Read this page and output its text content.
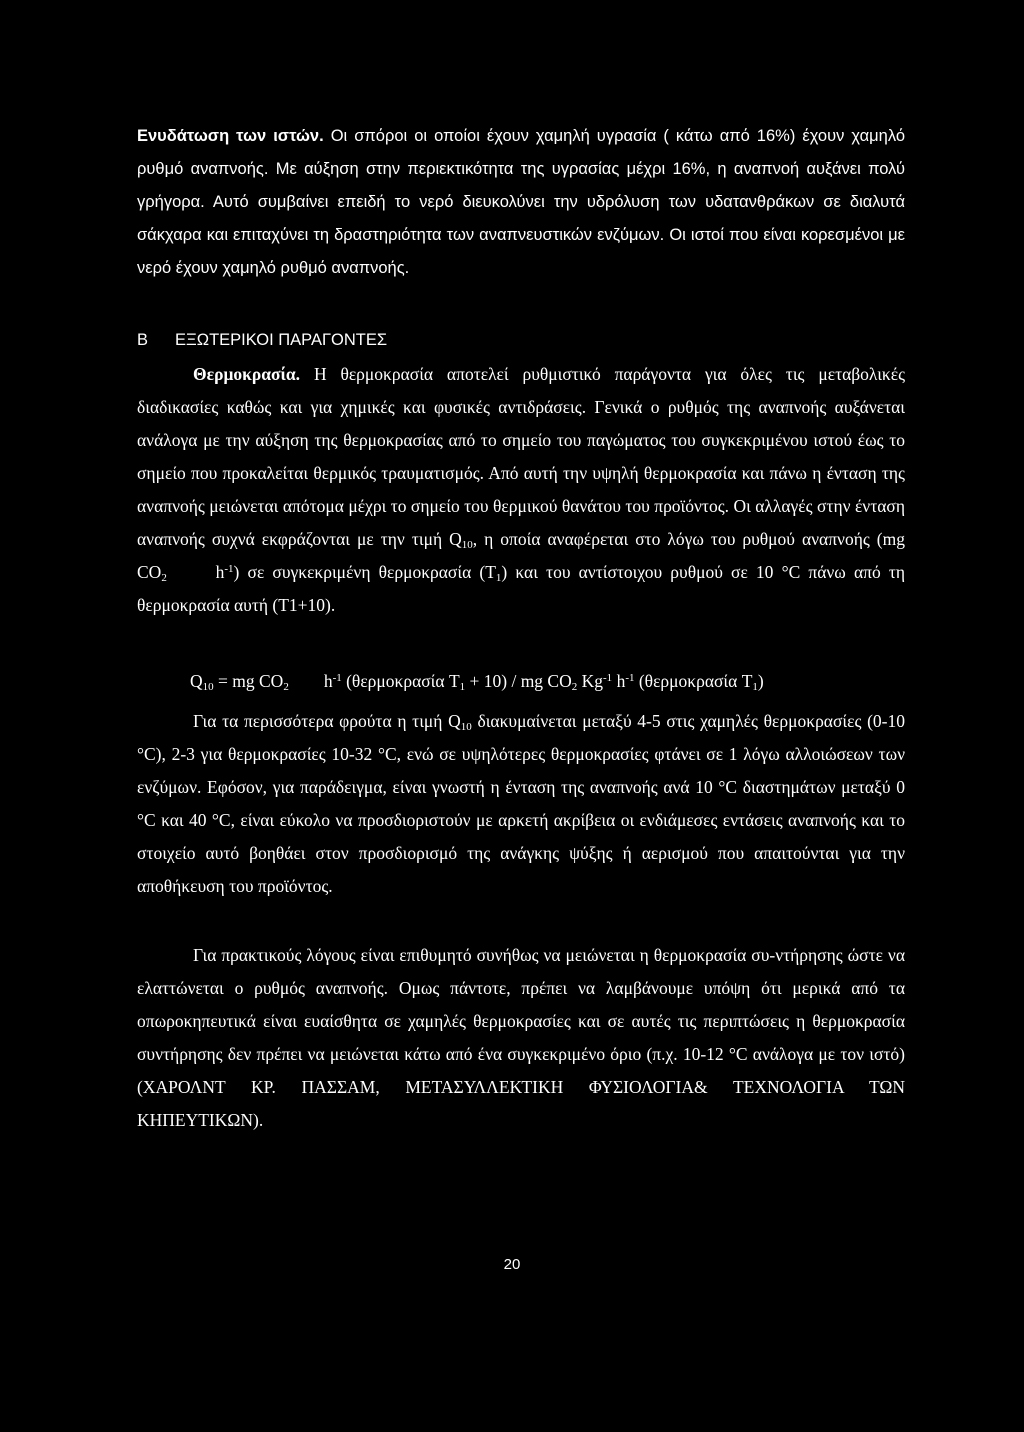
Ενυδάτωση των ιστών. Οι σπόροι οι οποίοι έχουν χαμηλή υγρασία ( κάτω από 16%) έχουν χαμηλό ρυθμό αναπνοής. Με αύξηση στην περιεκτικότητα της υγρασίας μέχρι 16%, η αναπνοή αυξάνει πολύ γρήγορα. Αυτό συμβαίνει επειδή το νερό διευκολύνει την υδρόλυση των υδατανθράκων σε διαλυτά σάκχαρα και επιταχύνει τη δραστηριότητα των αναπνευστικών ενζύμων. Οι ιστοί που είναι κορεσμένοι με νερό έχουν χαμηλό ρυθμό αναπνοής.

Β ΕΞΩΤΕΡΙΚΟΙ ΠΑΡΑΓΟΝΤΕΣ

Θερμοκρασία. Η θερμοκρασία αποτελεί ρυθμιστικό παράγοντα για όλες τις μεταβολικές διαδικασίες καθώς και για χημικές και φυσικές αντιδράσεις. Γενικά ο ρυθμός της αναπνοής αυξάνεται ανάλογα με την αύξηση της θερμοκρασίας από το σημείο του παγώματος του συγκεκριμένου ιστού έως το σημείο που προκαλείται θερμικός τραυματισμός. Από αυτή την υψηλή θερμοκρασία και πάνω η ένταση της αναπνοής μειώνεται απότομα μέχρι το σημείο του θερμικού θανάτου του προϊόντος. Οι αλλαγές στην ένταση αναπνοής συχνά εκφράζονται με την τιμή $Q_{10}$, η οποία αναφέρεται στο λόγω του ρυθμού αναπνοής (mg $CO_2$	$h^{-1}$) σε συγκεκριμένη θερμοκρασία $(T_1)$ και του αντίστοιχου ρυθμού σε 10 °C πάνω από τη θερμοκρασία αυτή (T1+10).

$Q_{10}$ = mg $CO_2$ $h^{-1}$ (θερμοκρασία $T_1 + 10$) / mg $CO_2$ $Kg^{-1}$ $h^{-1}$ (θερμοκρασία $T_1$)

Για τα περισσότερα φρούτα η τιμή $Q_{10}$ διακυμαίνεται μεταξύ 4-5 στις χαμηλές θερμοκρασίες (0-10 °C), 2-3 για θερμοκρασίες 10-32 °C, ενώ σε υψηλότερες θερμοκρασίες φτάνει σε 1 λόγω αλλοιώσεων των ενζύμων. Εφόσον, για παράδειγμα, είναι γνωστή η ένταση της αναπνοής ανά 10 °C διαστημάτων μεταξύ 0 °C και 40 °C, είναι εύκολο να προσδιοριστούν με αρκετή ακρίβεια οι ενδιάμεσες εντάσεις αναπνοής και το στοιχείο αυτό βοηθάει στον προσδιορισμό της ανάγκης ψύξης ή αερισμού που απαιτούνται για την αποθήκευση του προϊόντος.

Για πρακτικούς λόγους είναι επιθυμητό συνήθως να μειώνεται η θερμοκρασία συ-ντήρησης ώστε να ελαττώνεται ο ρυθμός αναπνοής. Ομως πάντοτε, πρέπει να λαμβάνουμε υπόψη ότι μερικά από τα οπωροκηπευτικά είναι ευαίσθητα σε χαμηλές θερμοκρασίες και σε αυτές τις περιπτώσεις η θερμοκρασία συντήρησης δεν πρέπει να μειώνεται κάτω από ένα συγκεκριμένο όριο (π.χ. 10-12 °C ανάλογα με τον ιστό) (ΧΑΡΟΛΝΤ ΚΡ. ΠΑΣΣΑΜ, ΜΕΤΑΣΥΛΛΕΚΤΙΚΗ ΦΥΣΙΟΛΟΓΙΑ& ΤΕΧΝΟΛΟΓΙΑ ΤΩΝ ΚΗΠΕΥΤΙΚΩΝ).

20
